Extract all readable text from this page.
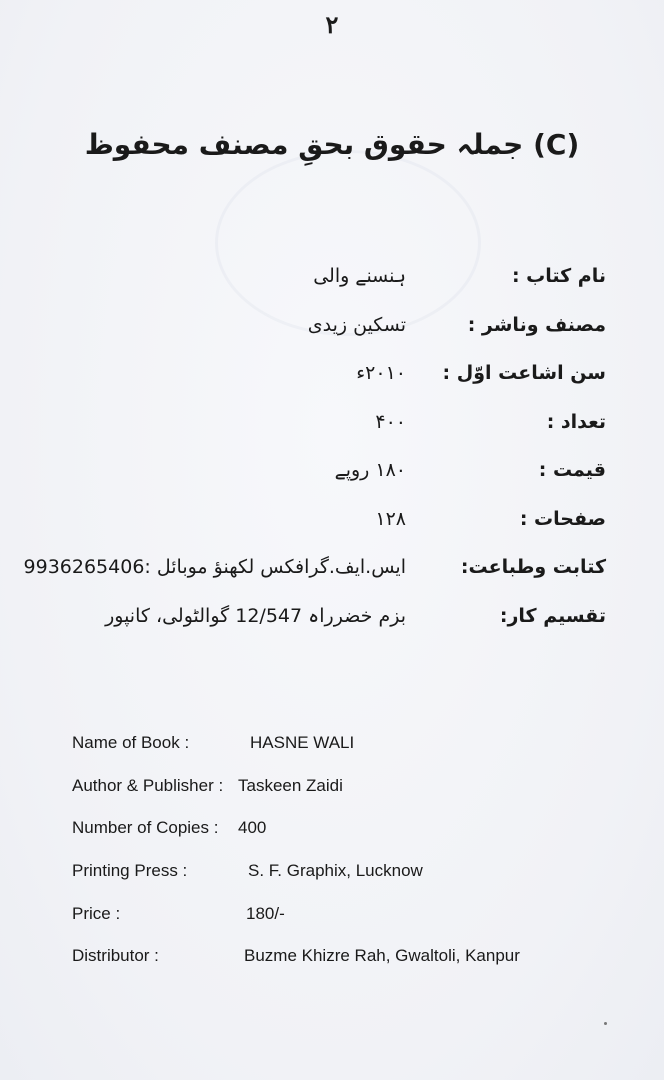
۲
(C) جملہ حقوق بحقِ مصنف محفوظ
نام کتاب :
ہنسنے والی
مصنف وناشر :
تسکین زیدی
سن اشاعت اوّل :
۲۰۱۰ء
تعداد :
۴۰۰
قیمت :
۱۸۰ روپے
صفحات :
۱۲۸
کتابت وطباعت:
ایس.ایف.گرافکس لکھنؤ موبائل :9936265406
تقسیم کار:
بزم خضرراہ 12/547 گوالٹولی، کانپور
Name of Book :	HASNE WALI
Author & Publisher : Taskeen Zaidi
Number of Copies :	400
Printing Press :	S. F. Graphix, Lucknow
Price :	180/-
Distributor :	Buzme Khizre Rah, Gwaltoli, Kanpur
